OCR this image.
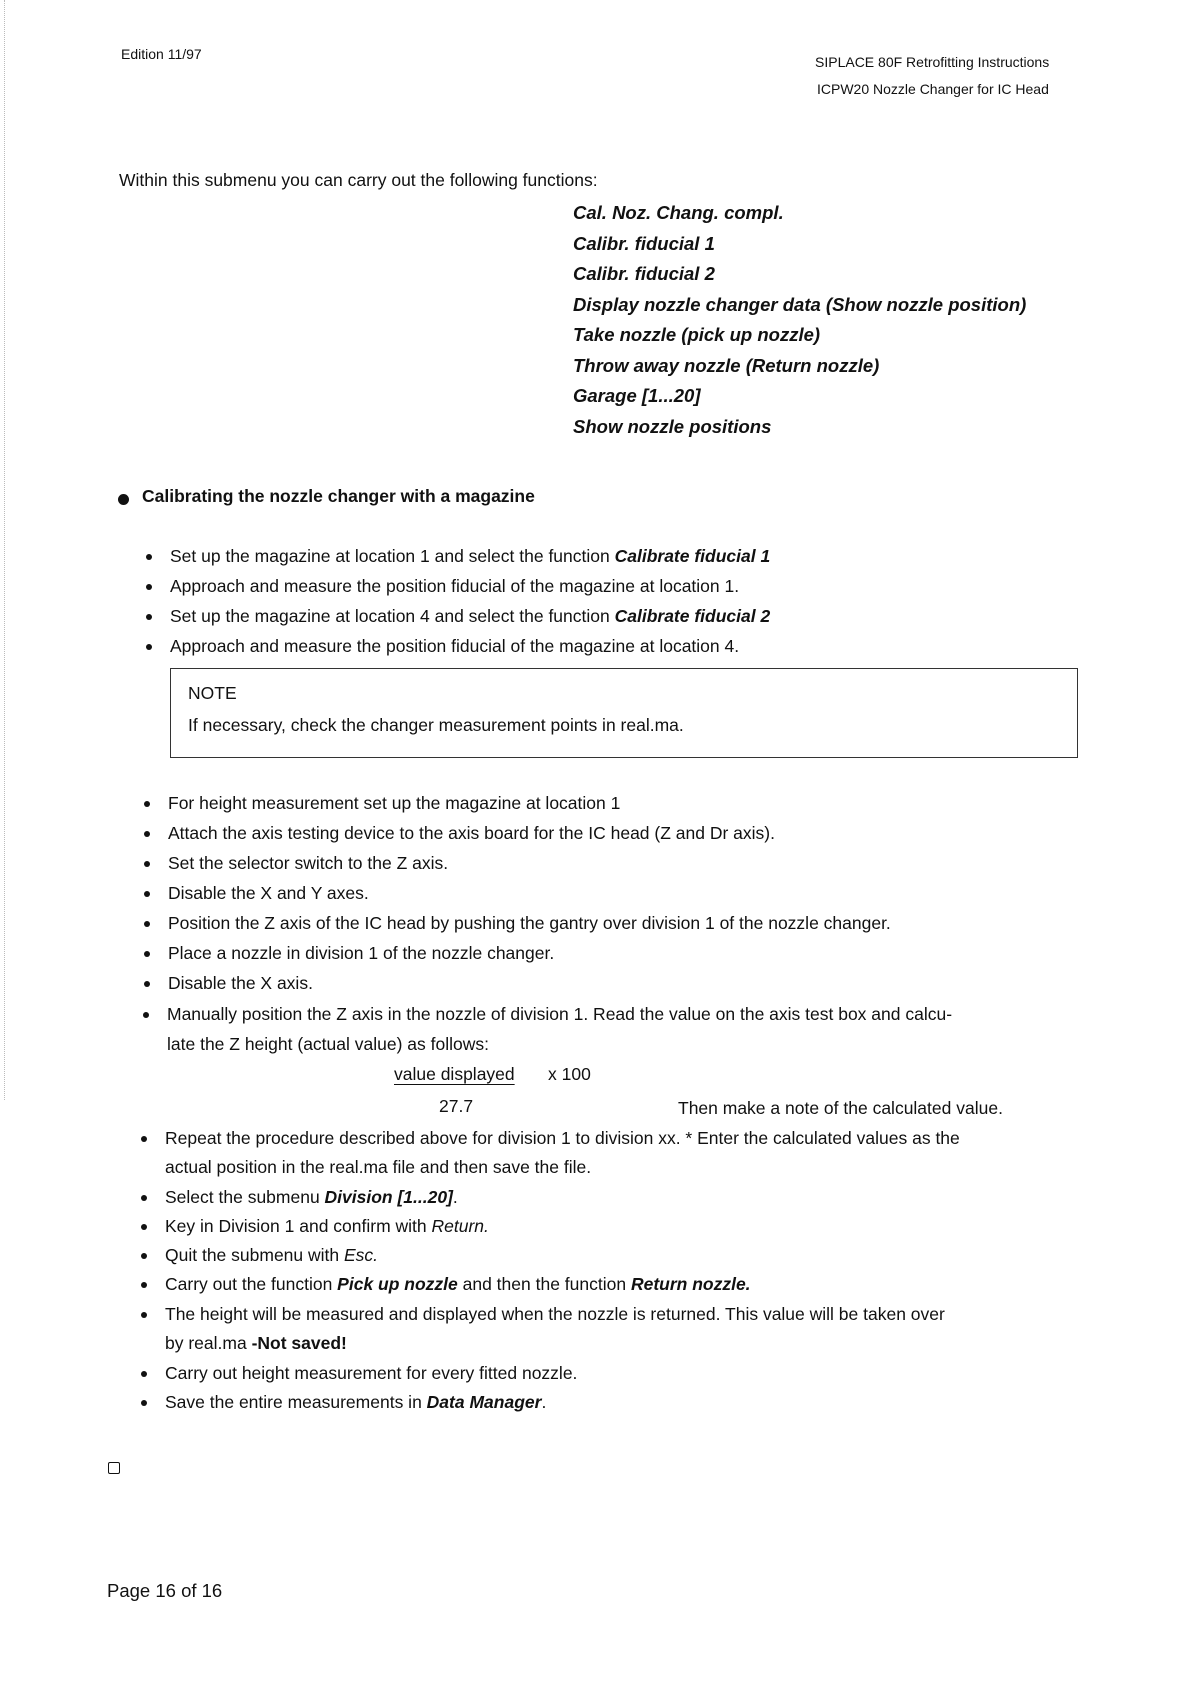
Edition 11/97	SIPLACE 80F Retrofitting Instructions
ICPW20 Nozzle Changer for IC Head
Within this submenu you can carry out the following functions:
Cal. Noz. Chang. compl.
Calibr. fiducial 1
Calibr. fiducial 2
Display nozzle changer data (Show nozzle position)
Take nozzle (pick up nozzle)
Throw away nozzle (Return nozzle)
Garage [1...20]
Show nozzle positions
Calibrating the nozzle changer with a magazine
Set up the magazine at location 1 and select the function Calibrate fiducial 1
Approach and measure the position fiducial of the magazine at location 1.
Set up the magazine at location 4 and select the function Calibrate fiducial 2
Approach and measure the position fiducial of the magazine at location 4.
NOTE
If necessary, check the changer measurement points in real.ma.
For height measurement set up the magazine at location 1
Attach the axis testing device to the axis board for the IC head (Z and Dr axis).
Set the selector switch to the Z axis.
Disable the X and Y axes.
Position the Z axis of the IC head by pushing the gantry over division 1 of the nozzle changer.
Place a nozzle in division 1 of the nozzle changer.
Disable the X axis.
Manually position the Z axis in the nozzle of division 1. Read the value on the axis test box and calcu-
late the Z height (actual value) as follows:
value displayed x 100
27.7	Then make a note of the calculated value.
Repeat the procedure described above for division 1 to division xx. * Enter the calculated values as the
actual position in the real.ma file and then save the file.
Select the submenu Division [1...20].
Key in Division 1 and confirm with Return.
Quit the submenu with Esc.
Carry out the function Pick up nozzle and then the function Return nozzle.
The height will be measured and displayed when the nozzle is returned. This value will be taken over
by real.ma -Not saved!
Carry out height measurement for every fitted nozzle.
Save the entire measurements in Data Manager.
Page 16 of 16
